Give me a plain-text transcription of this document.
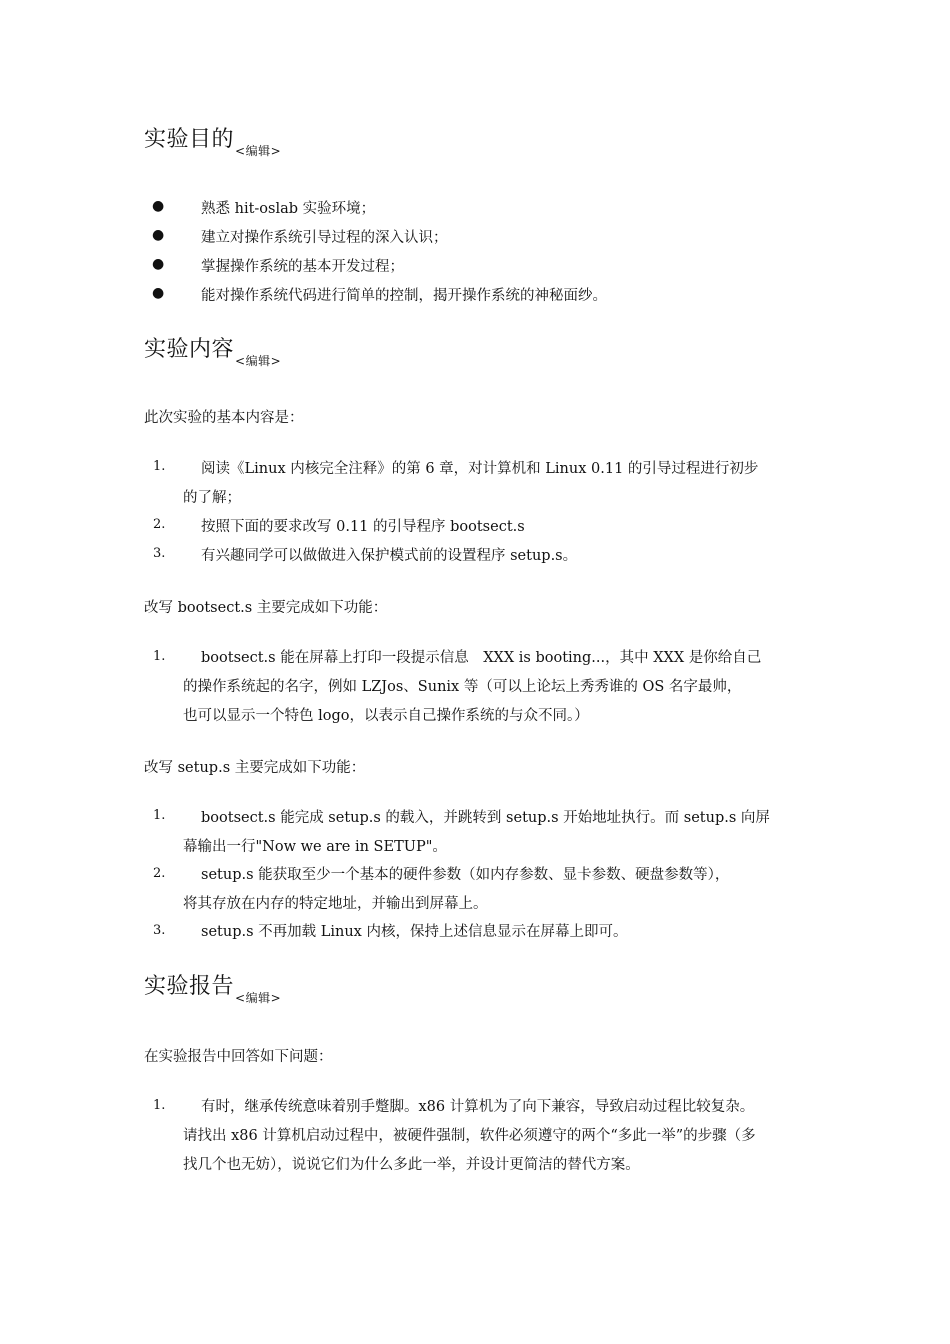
实验目的$_{<编辑>}$
●	熟悉 hit-oslab 实验环境；
●	建立对操作系统引导过程的深入认识；
●	掌握操作系统的基本开发过程；
●	能对操作系统代码进行简单的控制，揭开操作系统的神秘面纱。
实验内容$_{<编辑>}$
此次实验的基本内容是：
1. 阅读《Linux 内核完全注释》的第 6 章，对计算机和 Linux 0.11 的引导过程进行初步
的了解；
2. 按照下面的要求改写 0.11 的引导程序 bootsect.s
3. 有兴趣同学可以做做进入保护模式前的设置程序 setup.s。
改写 bootsect.s 主要完成如下功能：
1. bootsect.s 能在屏幕上打印一段提示信息　XXX is booting...，其中 XXX 是你给自己
的操作系统起的名字，例如 LZJos、Sunix 等（可以上论坛上秀秀谁的 OS 名字最帅，
也可以显示一个特色 logo，以表示自己操作系统的与众不同。）
改写 setup.s 主要完成如下功能：
1. bootsect.s 能完成 setup.s 的载入，并跳转到 setup.s 开始地址执行。而 setup.s 向屏
幕输出一行"Now we are in SETUP"。
2. setup.s 能获取至少一个基本的硬件参数（如内存参数、显卡参数、硬盘参数等），
将其存放在内存的特定地址，并输出到屏幕上。
3. setup.s 不再加载 Linux 内核，保持上述信息显示在屏幕上即可。
实验报告$_{<编辑>}$
在实验报告中回答如下问题：
1. 有时，继承传统意味着别手蹩脚。x86 计算机为了向下兼容，导致启动过程比较复杂。
请找出 x86 计算机启动过程中，被硬件强制，软件必须遵守的两个“多此一举”的步骤（多
找几个也无妨），说说它们为什么多此一举，并设计更简洁的替代方案。
